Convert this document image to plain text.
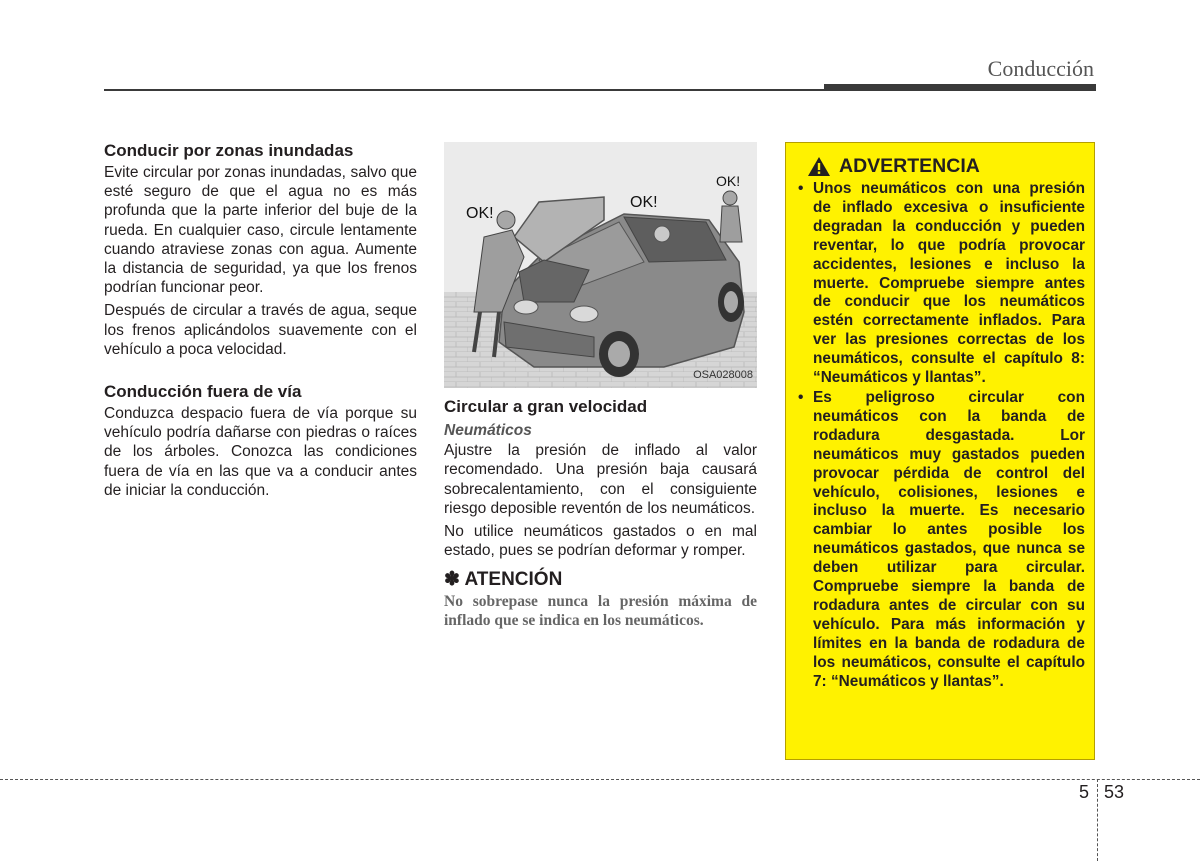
Conducción
Conducir por zonas inundadas

Evite circular por zonas inundadas, salvo que esté seguro de que el agua no es más profunda que la parte inferior del buje de la rueda. En cualquier caso, circule lentamente cuando atraviese zonas con agua. Aumente la distancia de seguridad, ya que los frenos podrían funcionar peor.

Después de circular a través de agua, seque los frenos aplicándolos suavemente con el vehículo a poca velocidad.

Conducción fuera de vía

Conduzca despacio fuera de vía porque su vehículo podría dañarse con piedras o raíces de los árboles. Conozca las condiciones fuera de vía en las que va a conducir antes de iniciar la conducción.

OK!
OK!
OK!
OSA028008
Circular a gran velocidad
Neumáticos

Ajustre la presión de inflado al valor recomendado. Una presión baja causará sobrecalentamiento, con el consiguiente riesgo deposible reventón de los neumáticos.

No utilice neumáticos gastados o en mal estado, pues se podrían deformar y romper.

✽ ATENCIÓN
No sobrepase nunca la presión máxima de inflado que se indica en los neumáticos.
ADVERTENCIA
• Unos neumáticos con una presión de inflado excesiva o insuficiente degradan la conducción y pueden reventar, lo que podría provocar accidentes, lesiones e incluso la muerte. Compruebe siempre antes de conducir que los neumáticos estén correctamente inflados. Para ver las presiones correctas de los neumáticos, consulte el capítulo 8: “Neumáticos y llantas”.
• Es peligroso circular con neumáticos con la banda de rodadura desgastada. Lor neumáticos muy gastados pueden provocar pérdida de control del vehículo, colisiones, lesiones e incluso la muerte. Es necesario cambiar lo antes posible los neumáticos gastados, que nunca se deben utilizar para circular. Compruebe siempre la banda de rodadura antes de circular con su vehículo. Para más información y límites en la banda de rodadura de los neumáticos, consulte el capítulo 7: “Neumáticos y llantas”.
5 53
